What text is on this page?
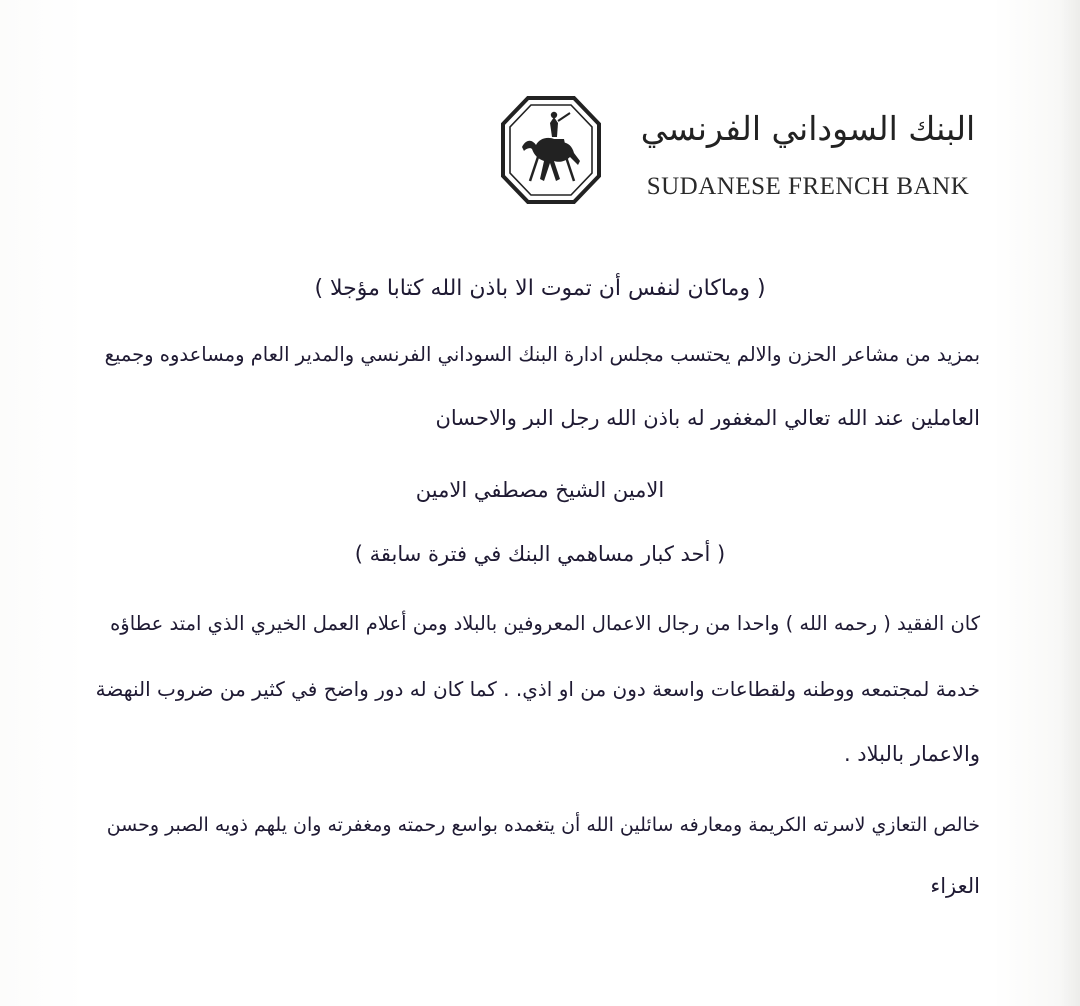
البنك السوداني الفرنسي
SUDANESE FRENCH BANK
( وماكان لنفس أن تموت الا باذن الله كتابا مؤجلا )
بمزيد من مشاعر الحزن والالم يحتسب مجلس ادارة البنك السوداني الفرنسي والمدير العام ومساعدوه وجميع
العاملين عند الله تعالي المغفور له باذن الله رجل البر والاحسان
الامين الشيخ مصطفي الامين
( أحد كبار مساهمي البنك في فترة سابقة )
كان الفقيد ( رحمه الله ) واحدا من رجال الاعمال المعروفين بالبلاد ومن أعلام العمل الخيري الذي امتد عطاؤه
خدمة لمجتمعه ووطنه ولقطاعات واسعة دون من او اذي. . كما كان له دور واضح في كثير من ضروب النهضة
والاعمار بالبلاد .
خالص التعازي لاسرته الكريمة ومعارفه سائلين الله أن يتغمده بواسع رحمته ومغفرته وان يلهم ذويه الصبر وحسن
العزاء
